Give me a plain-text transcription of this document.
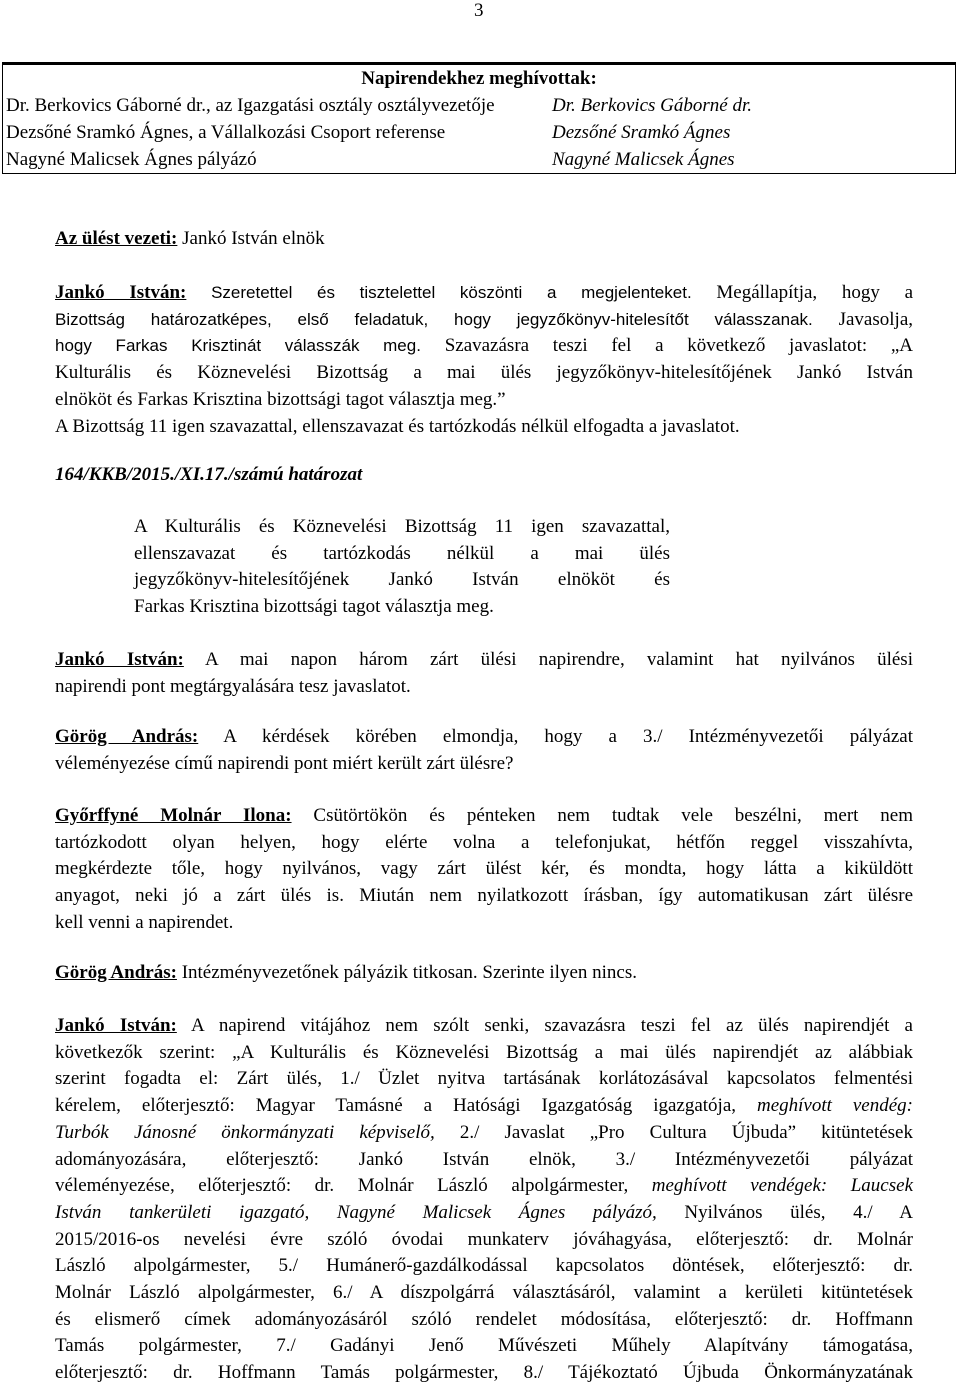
3
Napirendekhez meghívottak:	
Dr. Berkovics Gáborné dr., az Igazgatási osztály osztályvezetője	Dr. Berkovics Gáborné dr.
Dezsőné Sramkó Ágnes, a Vállalkozási Csoport referense	Dezsőné Sramkó Ágnes
Nagyné Malicsek Ágnes pályázó	Nagyné Malicsek Ágnes
Az ülést vezeti: Jankó István elnök
Jankó István: Szeretettel és tisztelettel köszönti a megjelenteket. Megállapítja, hogy a
Bizottság határozatképes, első feladatuk, hogy jegyzőkönyv-hitelesítőt válasszanak. Javasolja,
hogy Farkas Krisztinát válasszák meg. Szavazásra teszi fel a következő javaslatot: „A
Kulturális és Köznevelési Bizottság a mai ülés jegyzőkönyv-hitelesítőjének Jankó István
elnököt és Farkas Krisztina bizottsági tagot választja meg.”
A Bizottság 11 igen szavazattal, ellenszavazat és tartózkodás nélkül elfogadta a javaslatot.
164/KKB/2015./XI.17./számú határozat
A Kulturális és Köznevelési Bizottság 11 igen szavazattal,
ellenszavazat és tartózkodás nélkül a mai ülés
jegyzőkönyv-hitelesítőjének Jankó István elnököt és
Farkas Krisztina bizottsági tagot választja meg.
Jankó István: A mai napon három zárt ülési napirendre, valamint hat nyilvános ülési
napirendi pont megtárgyalására tesz javaslatot.
Görög András: A kérdések körében elmondja, hogy a 3./ Intézményvezetői pályázat
véleményezése című napirendi pont miért került zárt ülésre?
Győrffyné Molnár Ilona: Csütörtökön és pénteken nem tudtak vele beszélni, mert nem
tartózkodott olyan helyen, hogy elérte volna a telefonjukat, hétfőn reggel visszahívta,
megkérdezte tőle, hogy nyilvános, vagy zárt ülést kér, és mondta, hogy látta a kiküldött
anyagot, neki jó a zárt ülés is. Miután nem nyilatkozott írásban, így automatikusan zárt ülésre
kell venni a napirendet.
Görög András: Intézményvezetőnek pályázik titkosan. Szerinte ilyen nincs.
Jankó István: A napirend vitájához nem szólt senki, szavazásra teszi fel az ülés napirendjét a
következők szerint: „A Kulturális és Köznevelési Bizottság a mai ülés napirendjét az alábbiak
szerint fogadta el: Zárt ülés, 1./ Üzlet nyitva tartásának korlátozásával kapcsolatos felmentési
kérelem, előterjesztő: Magyar Tamásné a Hatósági Igazgatóság igazgatója, meghívott vendég:
Turbók Jánosné önkormányzati képviselő, 2./ Javaslat „Pro Cultura Újbuda” kitüntetések
adományozására, előterjesztő: Jankó István elnök, 3./ Intézményvezetői pályázat
véleményezése, előterjesztő: dr. Molnár László alpolgármester, meghívott vendégek: Laucsek
István tankerületi igazgató, Nagyné Malicsek Ágnes pályázó, Nyilvános ülés, 4./ A
2015/2016-os nevelési évre szóló óvodai munkaterv jóváhagyása, előterjesztő: dr. Molnár
László alpolgármester, 5./ Humánerő-gazdálkodással kapcsolatos döntések, előterjesztő: dr.
Molnár László alpolgármester, 6./ A díszpolgárrá választásáról, valamint a kerületi kitüntetések
és elismerő címek adományozásáról szóló rendelet módosítása, előterjesztő: dr. Hoffmann
Tamás polgármester, 7./ Gadányi Jenő Művészeti Műhely Alapítvány támogatása,
előterjesztő: dr. Hoffmann Tamás polgármester, 8./ Tájékoztató Újbuda Önkormányzatának
